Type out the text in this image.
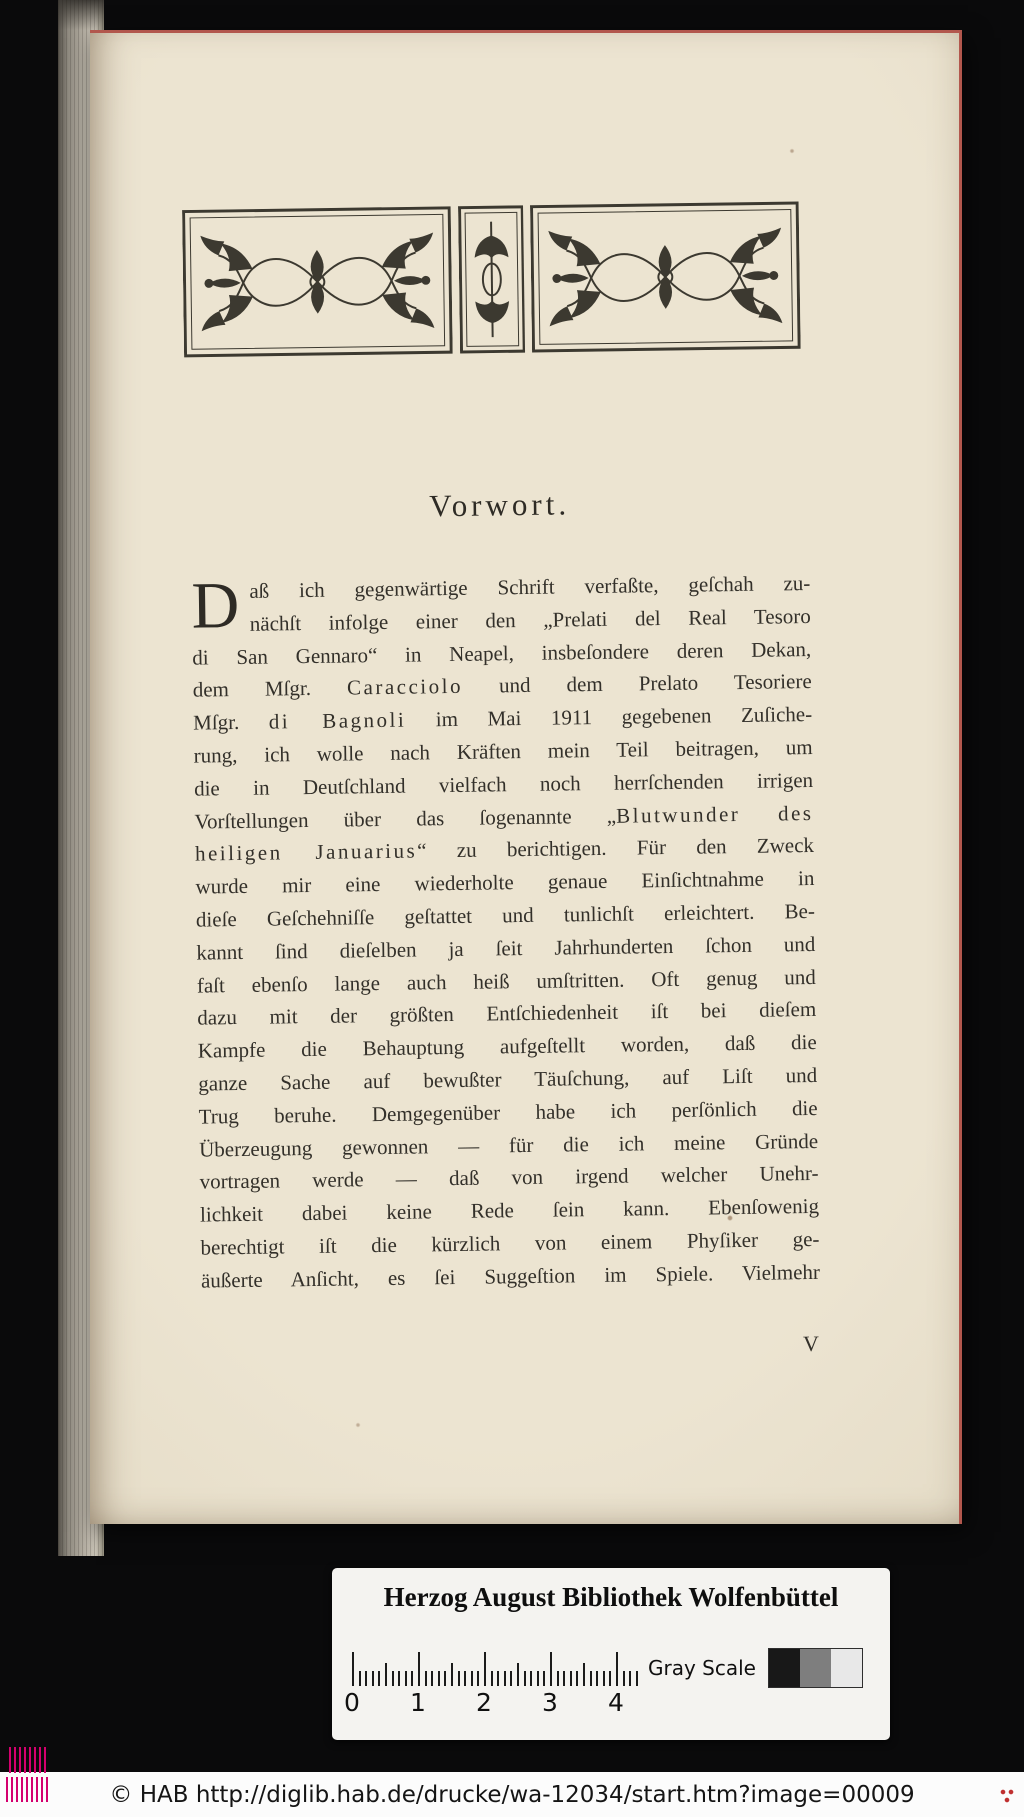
Vorwort.
D aß ich gegenwärtige Schrift verfaßte, geſchah zu-
nächſt infolge einer den „Prelati del Real Tesoro
di San Gennaro“ in Neapel, insbeſondere deren Dekan,
dem Mſgr. Caracciolo und dem Prelato Tesoriere
Mſgr. di Bagnoli im Mai 1911 gegebenen Zuſiche-
rung, ich wolle nach Kräften mein Teil beitragen, um
die in Deutſchland vielfach noch herrſchenden irrigen
Vorſtellungen über das ſogenannte „Blutwunder des
heiligen Januarius“ zu berichtigen. Für den Zweck
wurde mir eine wiederholte genaue Einſichtnahme in
dieſe Geſchehniſſe geſtattet und tunlichſt erleichtert. Be-
kannt ſind dieſelben ja ſeit Jahrhunderten ſchon und
faſt ebenſo lange auch heiß umſtritten. Oft genug und
dazu mit der größten Entſchiedenheit iſt bei dieſem
Kampfe die Behauptung aufgeſtellt worden, daß die
ganze Sache auf bewußter Täuſchung, auf Liſt und
Trug beruhe. Demgegenüber habe ich perſönlich die
Überzeugung gewonnen — für die ich meine Gründe
vortragen werde — daß von irgend welcher Unehr-
lichkeit dabei keine Rede ſein kann. Ebenſowenig
berechtigt iſt die kürzlich von einem Phyſiker ge-
äußerte Anſicht, es ſei Suggeſtion im Spiele. Vielmehr
V
Herzog August Bibliothek Wolfenbüttel
0 1 2 3 4
Gray Scale
© HAB http://diglib.hab.de/drucke/wa-12034/start.htm?image=00009
